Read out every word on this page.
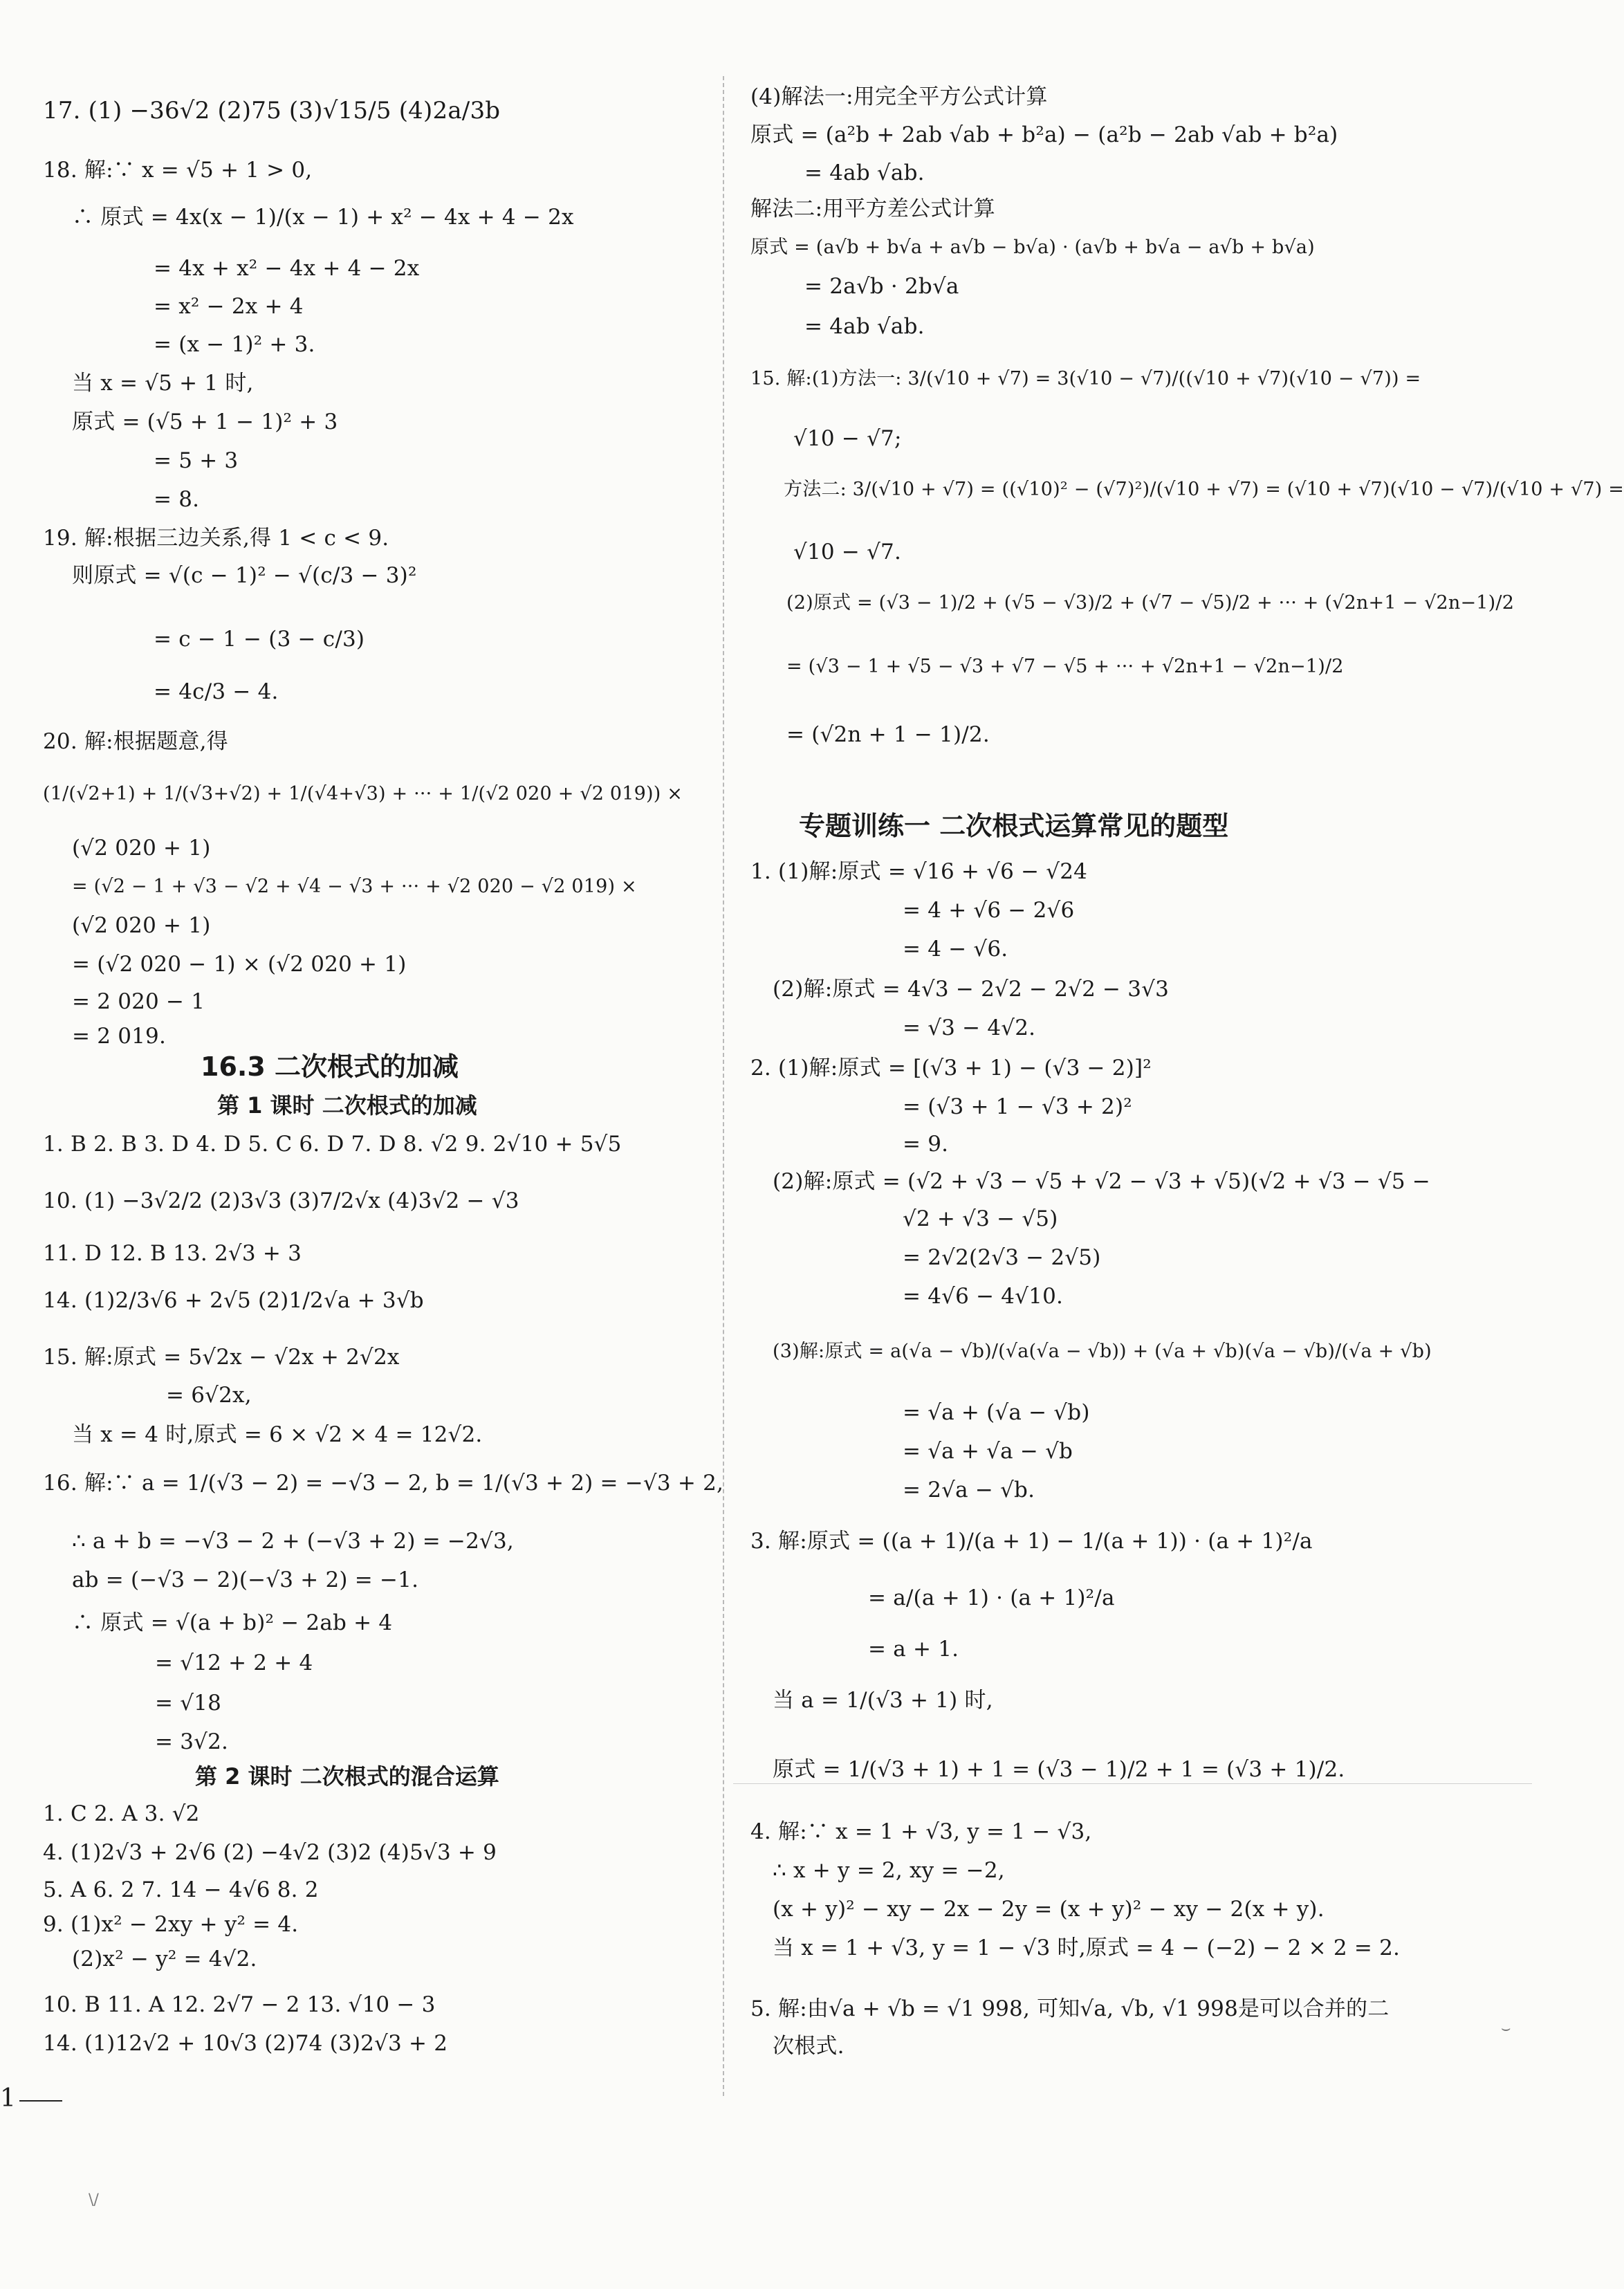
17. (1) −36√2 (2)75 (3)√15/5 (4)2a/3b
18. 解:∵ x = √5 + 1 > 0,
∴ 原式 = 4x(x − 1)/(x − 1) + x² − 4x + 4 − 2x
= 4x + x² − 4x + 4 − 2x
= x² − 2x + 4
= (x − 1)² + 3.
当 x = √5 + 1 时,
原式 = (√5 + 1 − 1)² + 3
= 5 + 3
= 8.
19. 解:根据三边关系,得 1 < c < 9.
则原式 = √(c − 1)² − √(c/3 − 3)²
= c − 1 − (3 − c/3)
= 4c/3 − 4.
20. 解:根据题意,得
(1/(√2+1) + 1/(√3+√2) + 1/(√4+√3) + ··· + 1/(√2 020 + √2 019)) ×
(√2 020 + 1)
= (√2 − 1 + √3 − √2 + √4 − √3 + ··· + √2 020 − √2 019) ×
(√2 020 + 1)
= (√2 020 − 1) × (√2 020 + 1)
= 2 020 − 1
= 2 019.
16.3 二次根式的加减
第 1 课时 二次根式的加减
1. B 2. B 3. D 4. D 5. C 6. D 7. D 8. √2 9. 2√10 + 5√5
10. (1) −3√2/2 (2)3√3 (3)7/2√x (4)3√2 − √3
11. D 12. B 13. 2√3 + 3
14. (1)2/3√6 + 2√5 (2)1/2√a + 3√b
15. 解:原式 = 5√2x − √2x + 2√2x
= 6√2x,
当 x = 4 时,原式 = 6 × √2 × 4 = 12√2.
16. 解:∵ a = 1/(√3 − 2) = −√3 − 2, b = 1/(√3 + 2) = −√3 + 2,
∴ a + b = −√3 − 2 + (−√3 + 2) = −2√3,
ab = (−√3 − 2)(−√3 + 2) = −1.
∴ 原式 = √(a + b)² − 2ab + 4
= √12 + 2 + 4
= √18
= 3√2.
第 2 课时 二次根式的混合运算
1. C 2. A 3. √2
4. (1)2√3 + 2√6 (2) −4√2 (3)2 (4)5√3 + 9
5. A 6. 2 7. 14 − 4√6 8. 2
9. (1)x² − 2xy + y² = 4.
(2)x² − y² = 4√2.
10. B 11. A 12. 2√7 − 2 13. √10 − 3
14. (1)12√2 + 10√3 (2)74 (3)2√3 + 2
(4)解法一:用完全平方公式计算
原式 = (a²b + 2ab √ab + b²a) − (a²b − 2ab √ab + b²a)
= 4ab √ab.
解法二:用平方差公式计算
原式 = (a√b + b√a + a√b − b√a) · (a√b + b√a − a√b + b√a)
= 2a√b · 2b√a
= 4ab √ab.
15. 解:(1)方法一: 3/(√10 + √7) = 3(√10 − √7)/((√10 + √7)(√10 − √7)) =
√10 − √7;
方法二: 3/(√10 + √7) = ((√10)² − (√7)²)/(√10 + √7) = (√10 + √7)(√10 − √7)/(√10 + √7) =
√10 − √7.
(2)原式 = (√3 − 1)/2 + (√5 − √3)/2 + (√7 − √5)/2 + ··· + (√2n+1 − √2n−1)/2
= (√3 − 1 + √5 − √3 + √7 − √5 + ··· + √2n+1 − √2n−1)/2
= (√2n + 1 − 1)/2.
专题训练一 二次根式运算常见的题型
1. (1)解:原式 = √16 + √6 − √24
= 4 + √6 − 2√6
= 4 − √6.
(2)解:原式 = 4√3 − 2√2 − 2√2 − 3√3
= √3 − 4√2.
2. (1)解:原式 = [(√3 + 1) − (√3 − 2)]²
= (√3 + 1 − √3 + 2)²
= 9.
(2)解:原式 = (√2 + √3 − √5 + √2 − √3 + √5)(√2 + √3 − √5 −
√2 + √3 − √5)
= 2√2(2√3 − 2√5)
= 4√6 − 4√10.
(3)解:原式 = a(√a − √b)/(√a(√a − √b)) + (√a + √b)(√a − √b)/(√a + √b)
= √a + (√a − √b)
= √a + √a − √b
= 2√a − √b.
3. 解:原式 = ((a + 1)/(a + 1) − 1/(a + 1)) · (a + 1)²/a
= a/(a + 1) · (a + 1)²/a
= a + 1.
当 a = 1/(√3 + 1) 时,
原式 = 1/(√3 + 1) + 1 = (√3 − 1)/2 + 1 = (√3 + 1)/2.
4. 解:∵ x = 1 + √3, y = 1 − √3,
∴ x + y = 2, xy = −2,
(x + y)² − xy − 2x − 2y = (x + y)² − xy − 2(x + y).
当 x = 1 + √3, y = 1 − √3 时,原式 = 4 − (−2) − 2 × 2 = 2.
5. 解:由√a + √b = √1 998, 可知√a, √b, √1 998是可以合并的二
次根式.
1
\/
⌣
